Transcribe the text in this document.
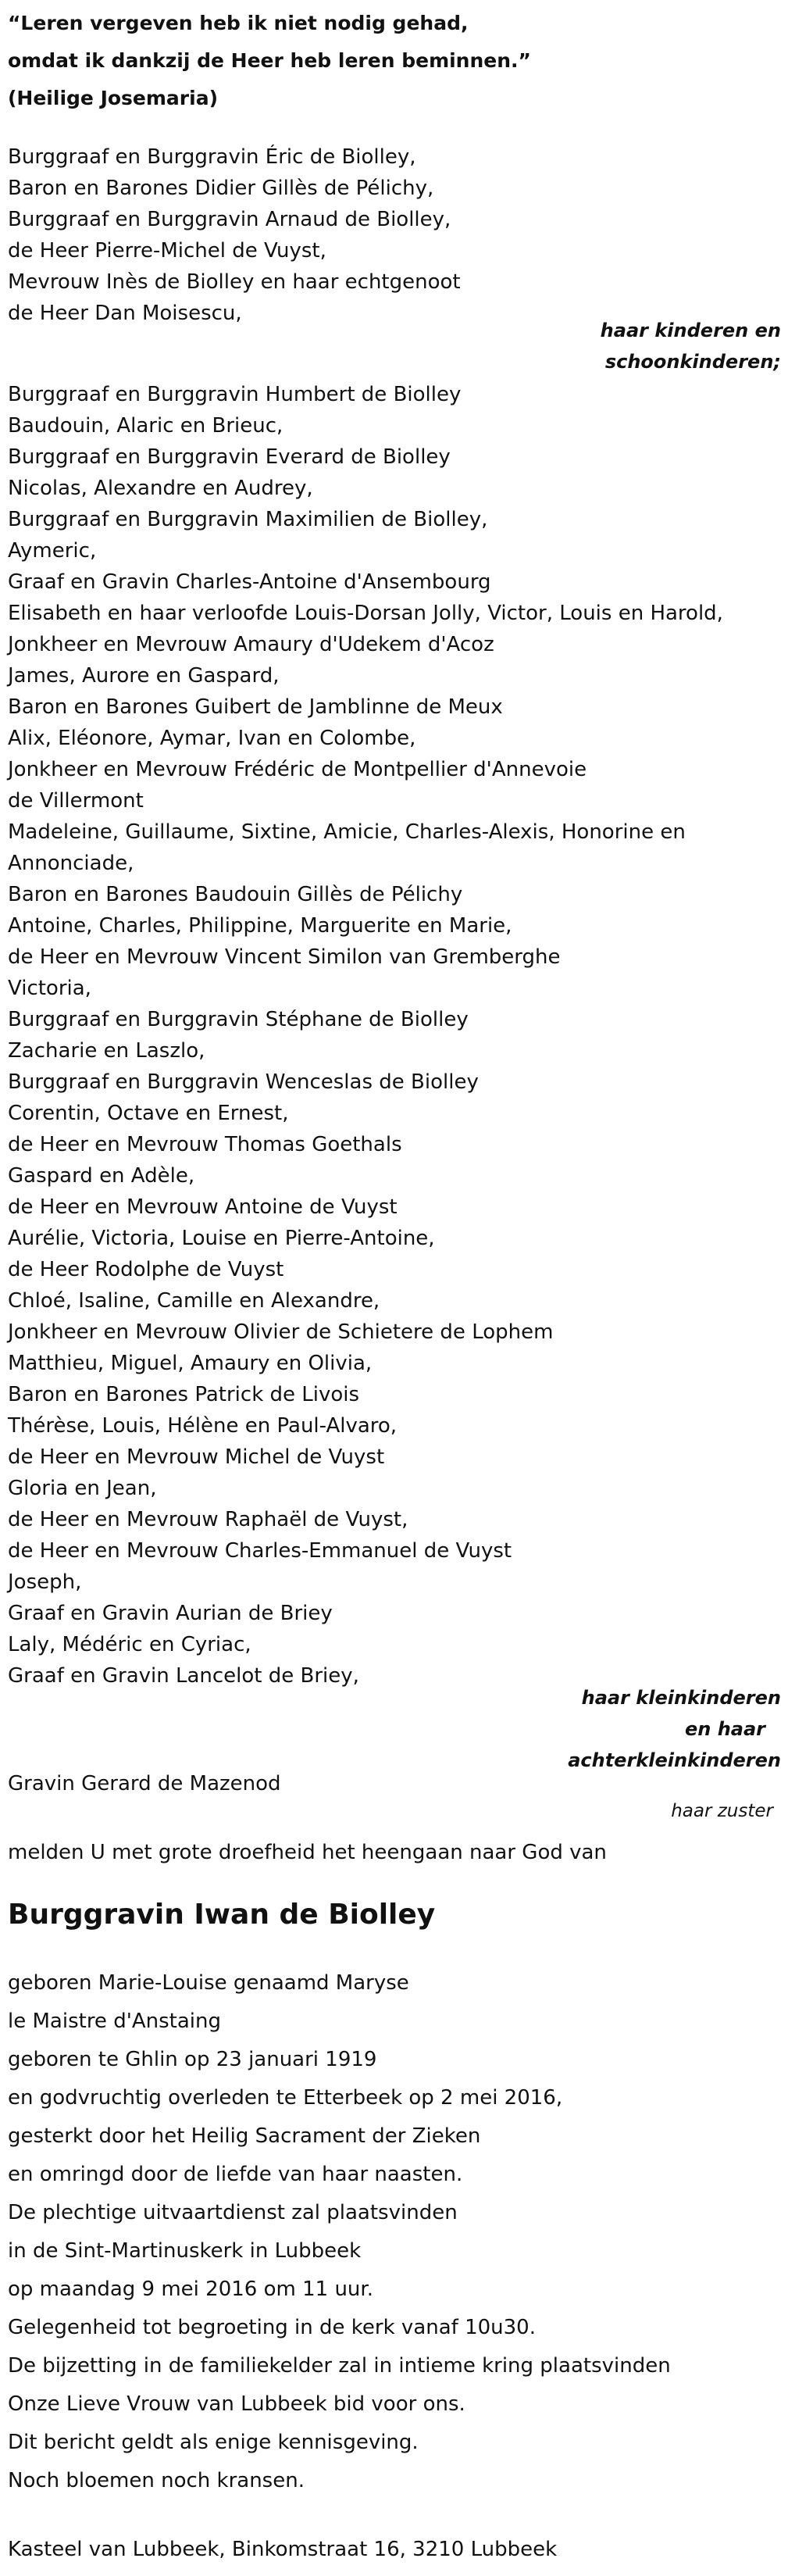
“Leren vergeven heb ik niet nodig gehad,
omdat ik dankzij de Heer heb leren beminnen.”
(Heilige Josemaria)
Burggraaf en Burggravin Éric de Biolley,
Baron en Barones Didier Gillès de Pélichy,
Burggraaf en Burggravin Arnaud de Biolley,
de Heer Pierre-Michel de Vuyst,
Mevrouw Inès de Biolley en haar echtgenoot
de Heer Dan Moisescu,
haar kinderen en
schoonkinderen;
Burggraaf en Burggravin Humbert de Biolley
Baudouin, Alaric en Brieuc,
Burggraaf en Burggravin Everard de Biolley
Nicolas, Alexandre en Audrey,
Burggraaf en Burggravin Maximilien de Biolley,
Aymeric,
Graaf en Gravin Charles-Antoine d'Ansembourg
Elisabeth en haar verloofde Louis-Dorsan Jolly, Victor, Louis en Harold,
Jonkheer en Mevrouw Amaury d'Udekem d'Acoz
James, Aurore en Gaspard,
Baron en Barones Guibert de Jamblinne de Meux
Alix, Eléonore, Aymar, Ivan en Colombe,
Jonkheer en Mevrouw Frédéric de Montpellier d'Annevoie
de Villermont
Madeleine, Guillaume, Sixtine, Amicie, Charles-Alexis, Honorine en
Annonciade,
Baron en Barones Baudouin Gillès de Pélichy
Antoine, Charles, Philippine, Marguerite en Marie,
de Heer en Mevrouw Vincent Similon van Gremberghe
Victoria,
Burggraaf en Burggravin Stéphane de Biolley
Zacharie en Laszlo,
Burggraaf en Burggravin Wenceslas de Biolley
Corentin, Octave en Ernest,
de Heer en Mevrouw Thomas Goethals
Gaspard en Adèle,
de Heer en Mevrouw Antoine de Vuyst
Aurélie, Victoria, Louise en Pierre-Antoine,
de Heer Rodolphe de Vuyst
Chloé, Isaline, Camille en Alexandre,
Jonkheer en Mevrouw Olivier de Schietere de Lophem
Matthieu, Miguel, Amaury en Olivia,
Baron en Barones Patrick de Livois
Thérèse, Louis, Hélène en Paul-Alvaro,
de Heer en Mevrouw Michel de Vuyst
Gloria en Jean,
de Heer en Mevrouw Raphaël de Vuyst,
de Heer en Mevrouw Charles-Emmanuel de Vuyst
Joseph,
Graaf en Gravin Aurian de Briey
Laly, Médéric en Cyriac,
Graaf en Gravin Lancelot de Briey,
haar kleinkinderen
en haar
achterkleinkinderen
Gravin Gerard de Mazenod
haar zuster
melden U met grote droefheid het heengaan naar God van
Burggravin Iwan de Biolley
geboren Marie-Louise genaamd Maryse
le Maistre d'Anstaing
geboren te Ghlin op 23 januari 1919
en godvruchtig overleden te Etterbeek op 2 mei 2016,
gesterkt door het Heilig Sacrament der Zieken
en omringd door de liefde van haar naasten.
De plechtige uitvaartdienst zal plaatsvinden
in de Sint-Martinuskerk in Lubbeek
op maandag 9 mei 2016 om 11 uur.
Gelegenheid tot begroeting in de kerk vanaf 10u30.
De bijzetting in de familiekelder zal in intieme kring plaatsvinden
Onze Lieve Vrouw van Lubbeek bid voor ons.
Dit bericht geldt als enige kennisgeving.
Noch bloemen noch kransen.
Kasteel van Lubbeek, Binkomstraat 16, 3210 Lubbeek
